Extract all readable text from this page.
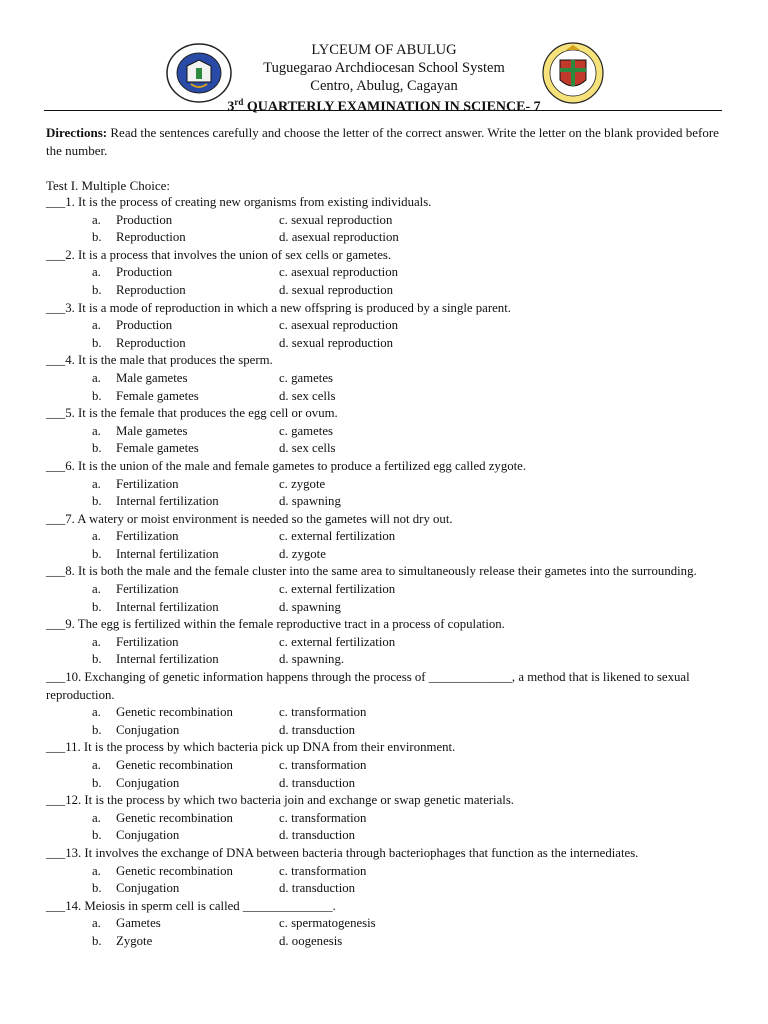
LYCEUM OF ABULUG
Tuguegarao Archdiocesan School System
Centro, Abulug, Cagayan
3rd QUARTERLY EXAMINATION IN SCIENCE- 7
Directions: Read the sentences carefully and choose the letter of the correct answer. Write the letter on the blank provided before the number.
Test I. Multiple Choice:
___1. It is the process of creating new organisms from existing individuals.
a. Production	c. sexual reproduction
b. Reproduction	d. asexual reproduction
___2. It is a process that involves the union of sex cells or gametes.
a. Production	c. asexual reproduction
b. Reproduction	d. sexual reproduction
___3. It is a mode of reproduction in which a new offspring is produced by a single parent.
a. Production	c. asexual reproduction
b. Reproduction	d. sexual reproduction
___4. It is the male that produces the sperm.
a. Male gametes	c. gametes
b. Female gametes	d. sex cells
___5. It is the female that produces the egg cell or ovum.
a. Male gametes	c. gametes
b. Female gametes	d. sex cells
___6. It is the union of the male and female gametes to produce a fertilized egg called zygote.
a. Fertilization	c. zygote
b. Internal fertilization	d. spawning
___7. A watery or moist environment is needed so the gametes will not dry out.
a. Fertilization	c. external fertilization
b. Internal fertilization	d. zygote
___8. It is both the male and the female cluster into the same area to simultaneously release their gametes into the surrounding.
a. Fertilization	c. external fertilization
b. Internal fertilization	d. spawning
___9. The egg is fertilized within the female reproductive tract in a process of copulation.
a. Fertilization	c. external fertilization
b. Internal fertilization	d. spawning.
___10. Exchanging of genetic information happens through the process of _____________, a method that is likened to sexual reproduction.
a. Genetic recombination	c. transformation
b. Conjugation	d. transduction
___11. It is the process by which bacteria pick up DNA from their environment.
a. Genetic recombination	c. transformation
b. Conjugation	d. transduction
___12. It is the process by which two bacteria join and exchange or swap genetic materials.
a. Genetic recombination	c. transformation
b. Conjugation	d. transduction
___13. It involves the exchange of DNA between bacteria through bacteriophages that function as the internediates.
a. Genetic recombination	c. transformation
b. Conjugation	d. transduction
___14. Meiosis in sperm cell is called ______________.
a. Gametes	c. spermatogenesis
b. Zygote	d. oogenesis
